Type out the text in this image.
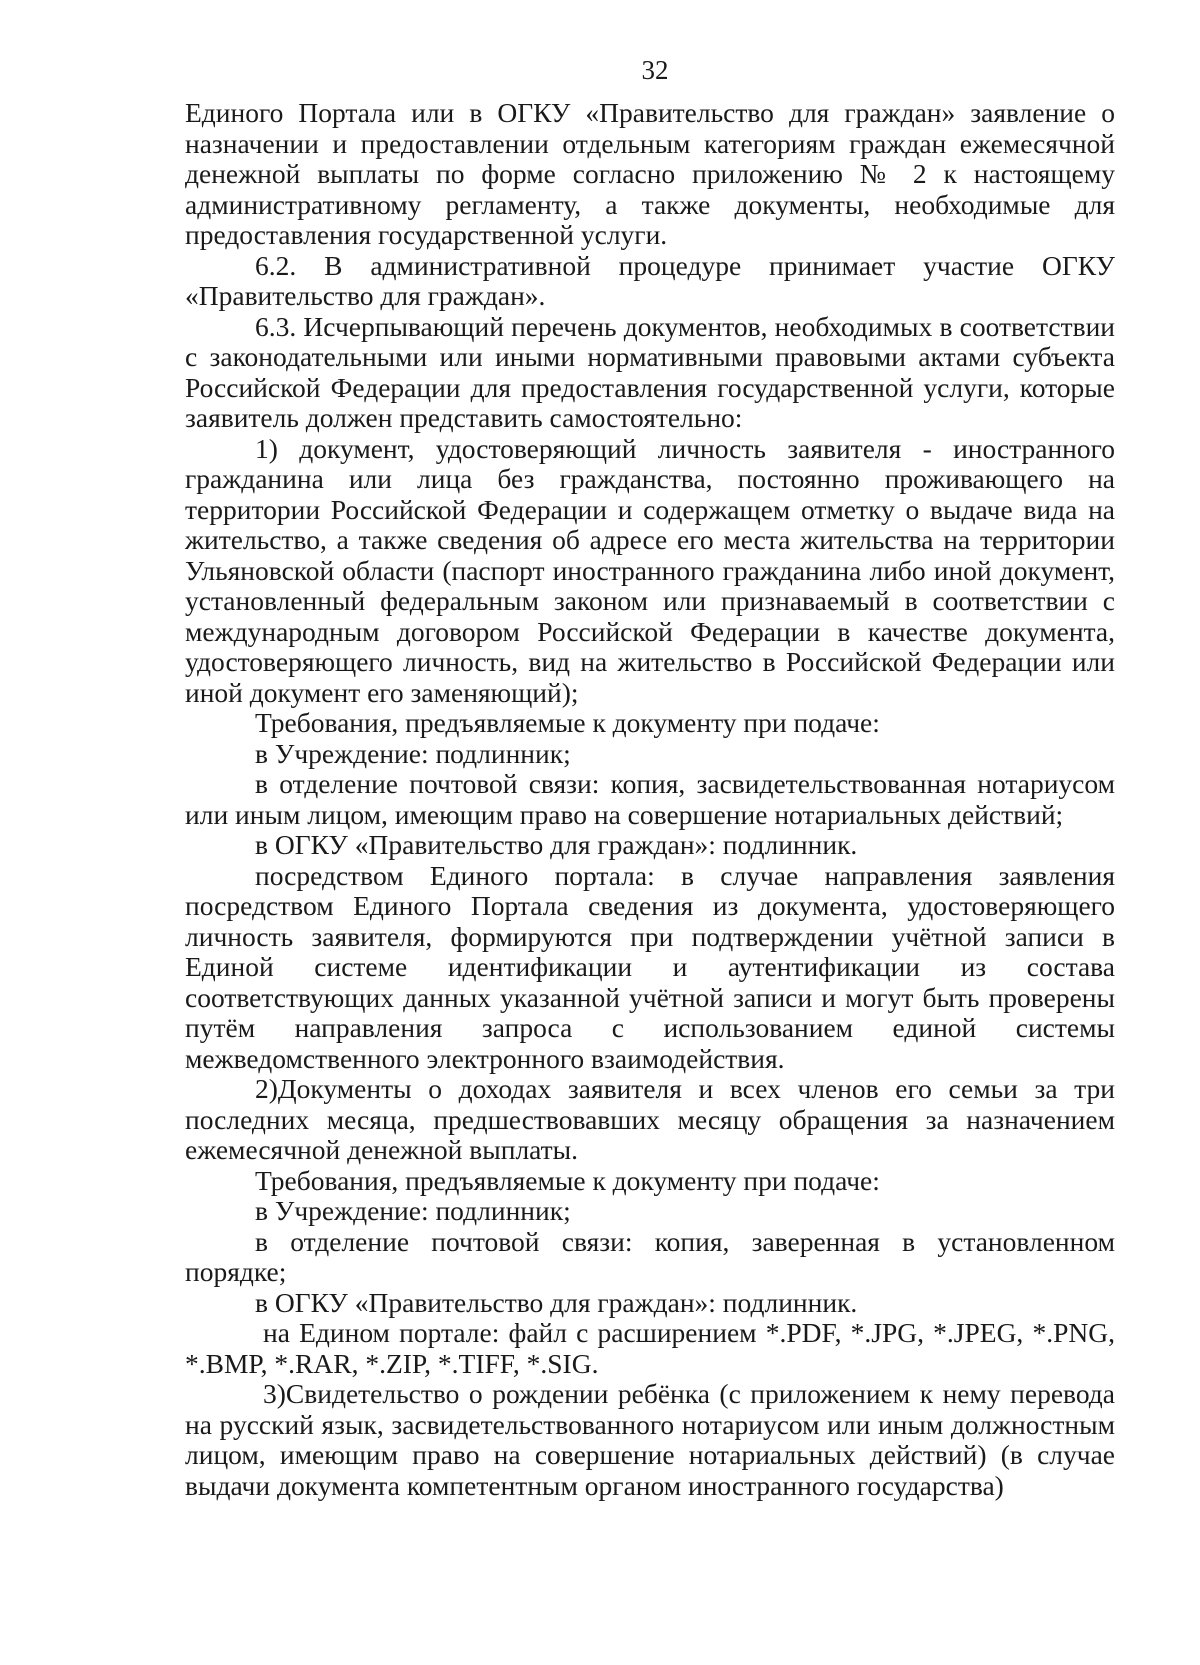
32

Единого Портала или в ОГКУ «Правительство для граждан» заявление о назначении и предоставлении отдельным категориям граждан ежемесячной денежной выплаты по форме согласно приложению № 2 к настоящему административному регламенту, а также документы, необходимые для предоставления государственной услуги.

6.2. В административной процедуре принимает участие ОГКУ «Правительство для граждан».

6.3. Исчерпывающий перечень документов, необходимых в соответствии с законодательными или иными нормативными правовыми актами субъекта Российской Федерации для предоставления государственной услуги, которые заявитель должен представить самостоятельно:

1) документ, удостоверяющий личность заявителя - иностранного гражданина или лица без гражданства, постоянно проживающего на территории Российской Федерации и содержащем отметку о выдаче вида на жительство, а также сведения об адресе его места жительства на территории Ульяновской области (паспорт иностранного гражданина либо иной документ, установленный федеральным законом или признаваемый в соответствии с международным договором Российской Федерации в качестве документа, удостоверяющего личность, вид на жительство в Российской Федерации или иной документ его заменяющий);

Требования, предъявляемые к документу при подаче:

в Учреждение: подлинник;

в отделение почтовой связи: копия, засвидетельствованная нотариусом или иным лицом, имеющим право на совершение нотариальных действий;

в ОГКУ «Правительство для граждан»: подлинник.

посредством Единого портала: в случае направления заявления посредством Единого Портала сведения из документа, удостоверяющего личность заявителя, формируются при подтверждении учётной записи в Единой системе идентификации и аутентификации из состава соответствующих данных указанной учётной записи и могут быть проверены путём направления запроса с использованием единой системы межведомственного электронного взаимодействия.

2)Документы о доходах заявителя и всех членов его семьи за три последних месяца, предшествовавших месяцу обращения за назначением ежемесячной денежной выплаты.

Требования, предъявляемые к документу при подаче:

в Учреждение: подлинник;

в отделение почтовой связи: копия, заверенная в установленном порядке;

в ОГКУ «Правительство для граждан»: подлинник.

на Едином портале: файл с расширением *.PDF, *.JPG, *.JPEG, *.PNG, *.BMP, *.RAR, *.ZIP, *.TIFF, *.SIG.

3)Свидетельство о рождении ребёнка (с приложением к нему перевода на русский язык, засвидетельствованного нотариусом или иным должностным лицом, имеющим право на совершение нотариальных действий) (в случае выдачи документа компетентным органом иностранного государства)
